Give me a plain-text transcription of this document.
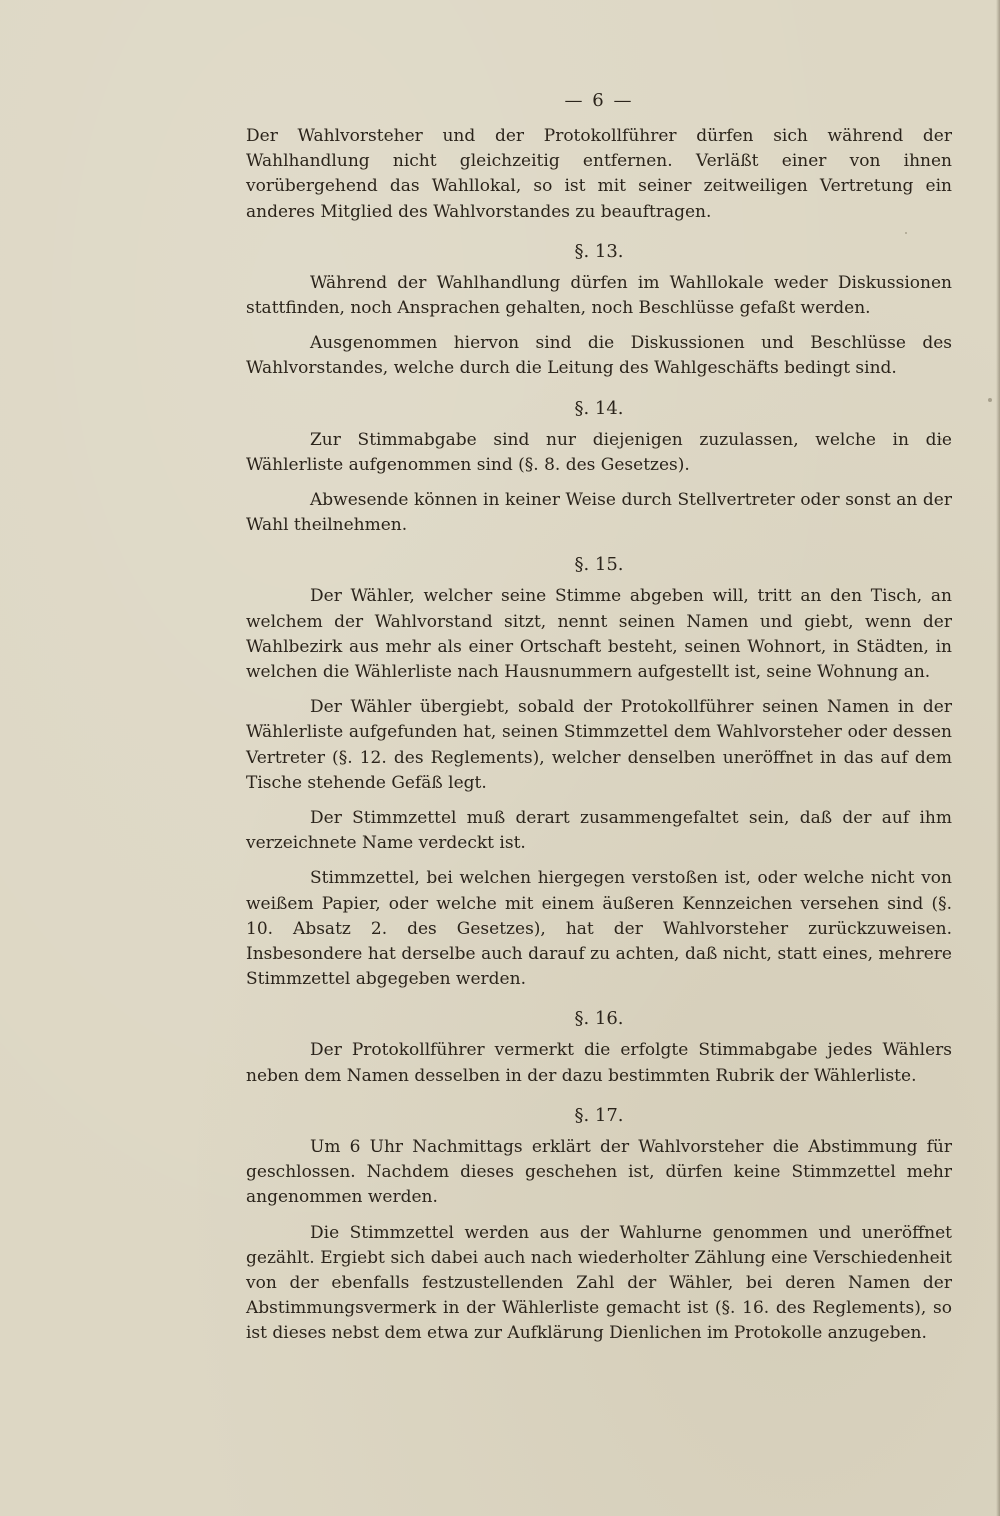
— 6 —

Der Wahlvorsteher und der Protokollführer dürfen sich während der Wahlhandlung nicht gleichzeitig entfernen. Verläßt einer von ihnen vorübergehend das Wahllokal, so ist mit seiner zeitweiligen Vertretung ein anderes Mitglied des Wahlvorstandes zu beauftragen.

§. 13.

Während der Wahlhandlung dürfen im Wahllokale weder Diskussionen stattfinden, noch Ansprachen gehalten, noch Beschlüsse gefaßt werden.

Ausgenommen hiervon sind die Diskussionen und Beschlüsse des Wahlvorstandes, welche durch die Leitung des Wahlgeschäfts bedingt sind.

§. 14.

Zur Stimmabgabe sind nur diejenigen zuzulassen, welche in die Wählerliste aufgenommen sind (§. 8. des Gesetzes).

Abwesende können in keiner Weise durch Stellvertreter oder sonst an der Wahl theilnehmen.

§. 15.

Der Wähler, welcher seine Stimme abgeben will, tritt an den Tisch, an welchem der Wahlvorstand sitzt, nennt seinen Namen und giebt, wenn der Wahlbezirk aus mehr als einer Ortschaft besteht, seinen Wohnort, in Städten, in welchen die Wählerliste nach Hausnummern aufgestellt ist, seine Wohnung an.

Der Wähler übergiebt, sobald der Protokollführer seinen Namen in der Wählerliste aufgefunden hat, seinen Stimmzettel dem Wahlvorsteher oder dessen Vertreter (§. 12. des Reglements), welcher denselben uneröffnet in das auf dem Tische stehende Gefäß legt.

Der Stimmzettel muß derart zusammengefaltet sein, daß der auf ihm verzeichnete Name verdeckt ist.

Stimmzettel, bei welchen hiergegen verstoßen ist, oder welche nicht von weißem Papier, oder welche mit einem äußeren Kennzeichen versehen sind (§. 10. Absatz 2. des Gesetzes), hat der Wahlvorsteher zurückzuweisen. Insbesondere hat derselbe auch darauf zu achten, daß nicht, statt eines, mehrere Stimmzettel abgegeben werden.

§. 16.

Der Protokollführer vermerkt die erfolgte Stimmabgabe jedes Wählers neben dem Namen desselben in der dazu bestimmten Rubrik der Wählerliste.

§. 17.

Um 6 Uhr Nachmittags erklärt der Wahlvorsteher die Abstimmung für geschlossen. Nachdem dieses geschehen ist, dürfen keine Stimmzettel mehr angenommen werden.

Die Stimmzettel werden aus der Wahlurne genommen und uneröffnet gezählt. Ergiebt sich dabei auch nach wiederholter Zählung eine Verschiedenheit von der ebenfalls festzustellenden Zahl der Wähler, bei deren Namen der Abstimmungsvermerk in der Wählerliste gemacht ist (§. 16. des Reglements), so ist dieses nebst dem etwa zur Aufklärung Dienlichen im Protokolle anzugeben.
